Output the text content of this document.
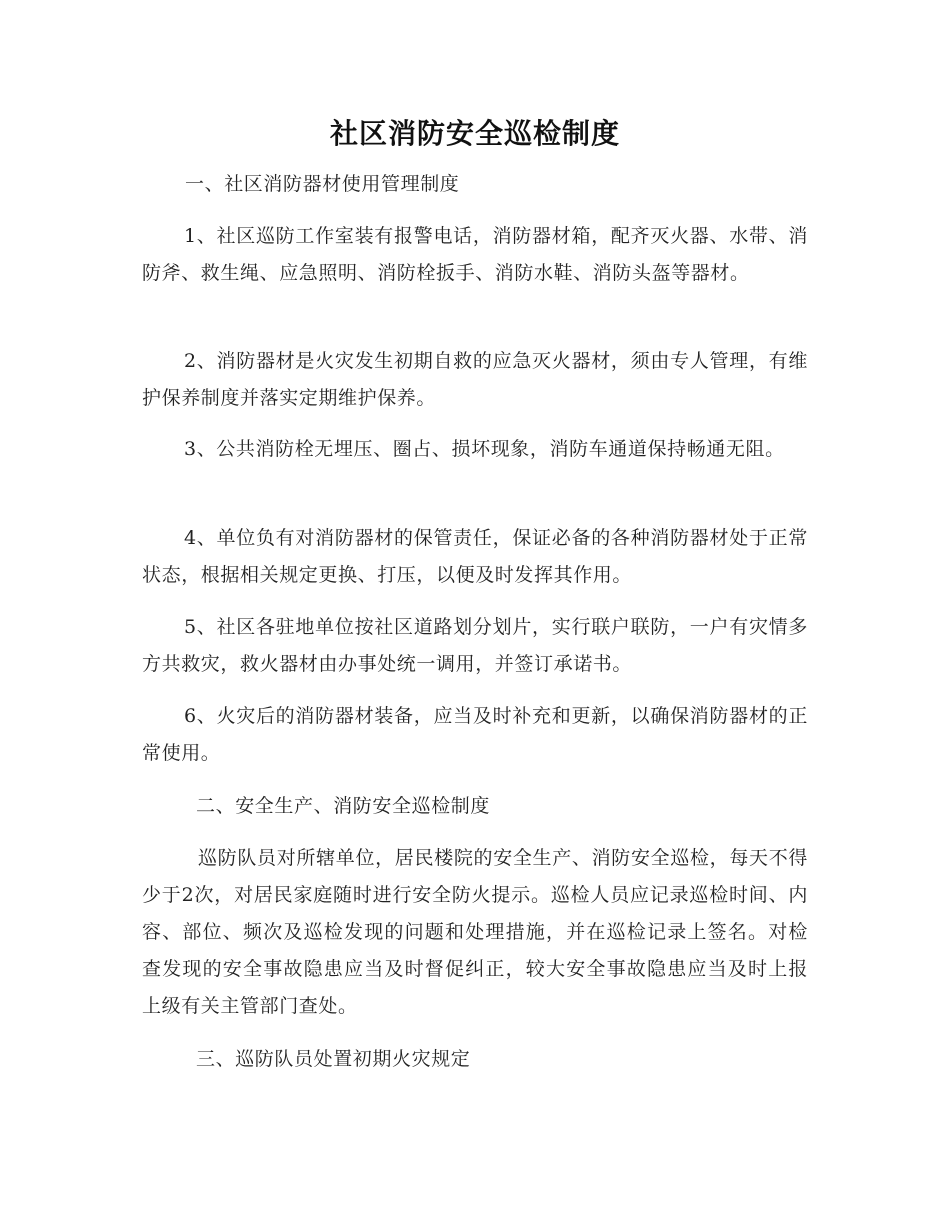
社区消防安全巡检制度
一、社区消防器材使用管理制度
1、社区巡防工作室装有报警电话，消防器材箱，配齐灭火器、水带、消防斧、救生绳、应急照明、消防栓扳手、消防水鞋、消防头盔等器材。
2、消防器材是火灾发生初期自救的应急灭火器材，须由专人管理，有维护保养制度并落实定期维护保养。
3、公共消防栓无埋压、圈占、损坏现象，消防车通道保持畅通无阻。
4、单位负有对消防器材的保管责任，保证必备的各种消防器材处于正常状态，根据相关规定更换、打压，以便及时发挥其作用。
5、社区各驻地单位按社区道路划分划片，实行联户联防，一户有灾情多方共救灾，救火器材由办事处统一调用，并签订承诺书。
6、火灾后的消防器材装备，应当及时补充和更新，以确保消防器材的正常使用。
二、安全生产、消防安全巡检制度
巡防队员对所辖单位，居民楼院的安全生产、消防安全巡检，每天不得少于2次，对居民家庭随时进行安全防火提示。巡检人员应记录巡检时间、内容、部位、频次及巡检发现的问题和处理措施，并在巡检记录上签名。对检查发现的安全事故隐患应当及时督促纠正，较大安全事故隐患应当及时上报上级有关主管部门查处。
三、巡防队员处置初期火灾规定
